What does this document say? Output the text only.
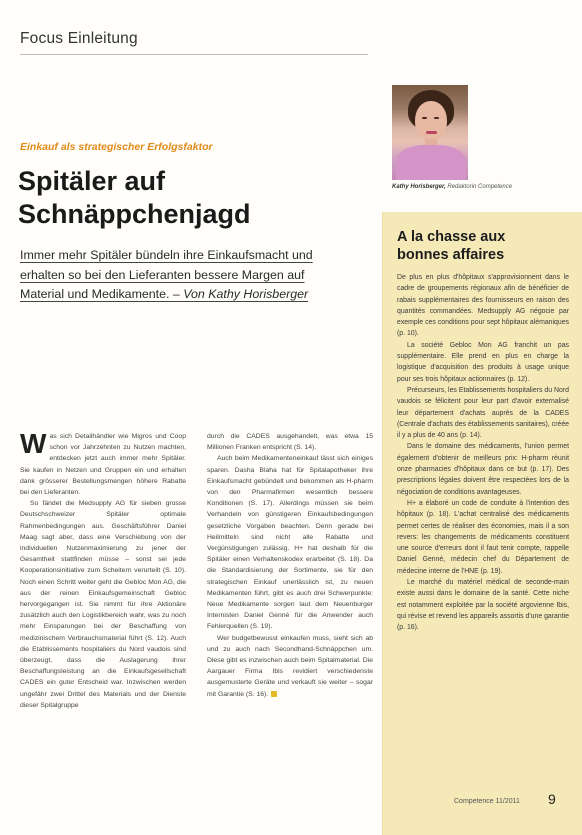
Focus Einleitung
Einkauf als strategischer Erfolgsfaktor
Spitäler auf
Schnäppchenjagd
Immer mehr Spitäler bündeln ihre Einkaufsmacht und
erhalten so bei den Lieferanten bessere Margen auf
Material und Medikamente. – Von Kathy Horisberger

Was sich Detailhändler wie Migros und Coop schon vor Jahrzehnten zu Nutzen machten, entdecken jetzt auch immer mehr Spitäler. Sie kaufen in Netzen und Gruppen ein und erhalten dank grösserer Bestellungsmengen höhere Rabatte bei den Lieferanten.

So fändet die Medsupply AG für sieben grosse Deutschschweizer Spitäler optimale Rahmenbedingungen aus. Geschäftsführer Daniel Maag sagt aber, dass eine Verschiebung von der individuellen Nutzenmaximierung zu jener der Gesamtheit stattfinden müsse – sonst sei jede Kooperationsinitiative zum Scheitern verurteilt (S. 10). Noch einen Schritt weiter geht die Gebloc Mon AG, die aus der reinen Einkaufsgemeinschaft Gebloc hervorgegangen ist. Sie nimmt für ihre Aktionäre zusätzlich auch den Logistikbereich wahr, was zu noch mehr Einsparungen bei der Beschaffung von medizinischem Verbrauchsmaterial führt (S. 12). Auch die Etablissements hospitaliers du Nord vaudois sind überzeugt, dass die Auslagerung ihrer Beschaffungsleistung an die Einkaufsgesellschaft CADES ein guter Entscheid war. Inzwischen werden ungefähr zwei Drittel des Materials und der Dienste dieser Spitalgruppe

durch die CADES ausgehandelt, was etwa 15 Millionen Franken entspricht (S. 14).

Auch beim Medikamenteneinkauf lässt sich einiges sparen. Dasha Blaha hat für Spitalapotheker ihre Einkaufsmacht gebündelt und bekommen als H-pharm von den Pharmafirmen wesentlich bessere Konditionen (S. 17). Allerdings müssen sie beim Verhandeln von günstigeren Einkaufsbedingungen gesetzliche Vorgaben beachten. Denn gerade bei Heilmitteln sind nicht alle Rabatte und Vergünstigungen zulässig. H+ hat deshalb für die Spitäler einen Verhaltenskodex erarbeitet (S. 18). Da die Standardisierung der Sortimente, sie für den strategischen Einkauf unerlässlich ist, zu neuen Medikamenten führt, gibt es auch drei Schwerpunkte: Neue Medikamente sorgen laut dem Neuenburger Internisten Daniel Genné für die Anwender auch Fehlerquellen (S. 19).

Wer budgetbewusst einkaufen muss, sieht sich ab und zu auch nach Secondhand-Schnäppchen um. Diese gibt es inzwischen auch beim Spitalmaterial. Die Aargauer Firma Ibis revidiert verschiedenste ausgemusterte Geräte und verkauft sie weiter – sogar mit Garantie (S. 16).

Kathy Horisberger, Redaktorin Competence
A la chasse aux
bonnes affaires

De plus en plus d'hôpitaux s'approvisionnent dans le cadre de groupements régionaux afin de bénéficier de rabais supplémentaires des fournisseurs en raison des quantités commandées. Medsupply AG négocie par exemple ces conditions pour sept hôpitaux alémaniques (p. 10).

La société Gebloc Mon AG franchit un pas supplémentaire. Elle prend en plus en charge la logistique d'acquisition des produits à usage unique pour ses trois hôpitaux actionnaires (p. 12).

Précurseurs, les Etablissements hospitaliers du Nord vaudois se félicitent pour leur part d'avoir externalisé leur département d'achats auprès de la CADES (Centrale d'achats des établissements sanitaires), créée il y a plus de 40 ans (p. 14).

Dans le domaine des médicaments, l'union permet également d'obtenir de meilleurs prix: H-pharm réunit onze pharmacies d'hôpitaux dans ce but (p. 17). Des prescriptions légales doivent être respectées lors de la négociation de conditions avantageuses.

H+ a élaboré un code de conduite à l'intention des hôpitaux (p. 18). L'achat centralisé des médicaments permet certes de réaliser des économies, mais il a son revers: les changements de médicaments constituent une source d'erreurs dont il faut tenir compte, rappelle Daniel Genné, médecin chef du Département de médecine interne de l'HNE (p. 19).

Le marché du matériel médical de seconde-main existe aussi dans le domaine de la santé. Cette niche est notamment exploitée par la société argovienne Ibis, qui révise et revend les appareils assortis d'une garantie (p. 16).

Competence 11/2011 9
